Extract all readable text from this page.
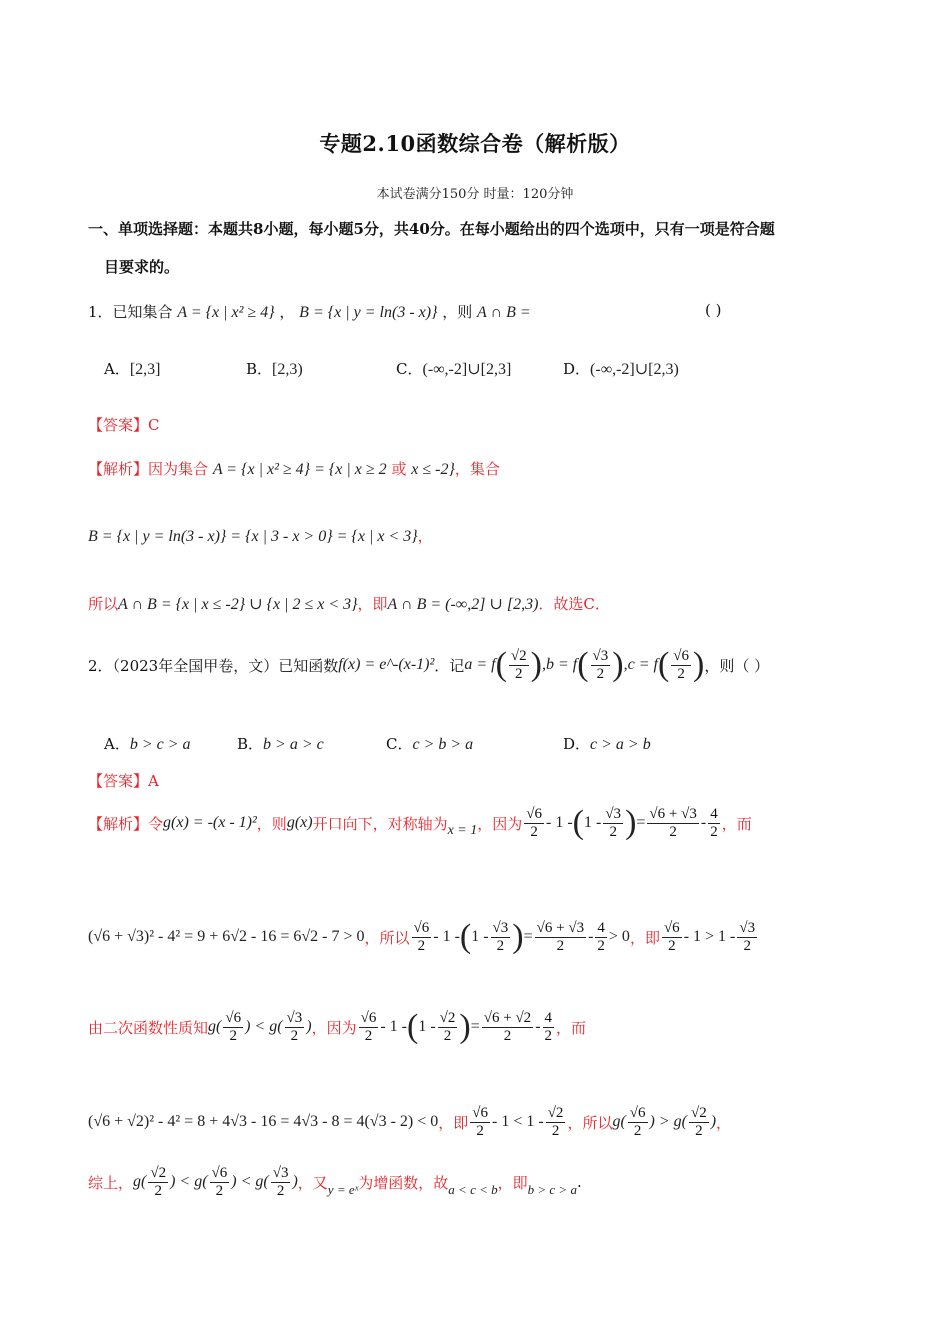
专题2.10函数综合卷（解析版）
本试卷满分150分 时量：120分钟
一、单项选择题：本题共8小题，每小题5分，共40分。在每小题给出的四个选项中，只有一项是符合题
目要求的。
1．已知集合 A = {x | x² ≥ 4} ， B = {x | y = ln(3 - x)} ，则 A ∩ B =	( )
A．[2,3]	B．[2,3)	C．(-∞,-2]∪[2,3]	D．(-∞,-2]∪[2,3)
【答案】C
【解析】因为集合 A = {x | x² ≥ 4} = {x | x ≥ 2 或 x ≤ -2}，集合
B = {x | y = ln(3 - x)} = {x | 3 - x > 0} = {x | x < 3}，
所以A ∩ B = {x | x ≤ -2} ∪ {x | 2 ≤ x < 3}，即A ∩ B = (-∞,2] ∪ [2,3)．故选C．
2．（2023年全国甲卷，文）已知函数 f(x) = e^-(x-1)² ．记 a = f ( $\frac{√2}{2}$ ) ,b = f ( $\frac{√3}{2}$ ) ,c = f ( $\frac{√6}{2}$ ) ，则（ ）
A．b > c > a	B．b > a > c	C．c > b > a	D．c > a > b
【答案】A
【解析】 令 g(x) = -(x - 1)² ，则 g(x) 开口向下，对称轴为 x = 1 ，因为 $\frac{√6}{2} - 1$ - ( $1 - \frac{√3}{2}$ ) = $\frac{√6 + √3}{2} - \frac{4}{2}$ ，而
(√6 + √3)² - 4² = 9 + 6√2 - 16 = 6√2 - 7 > 0 ，所以 $\frac{√6}{2} - 1$ - ( $1 - \frac{√3}{2}$ ) = $\frac{√6 + √3}{2} - \frac{4}{2} > 0$ ，即 $\frac{√6}{2} - 1 > 1 - \frac{√3}{2}$
由二次函数性质知 $g( \frac{√6}{2}$ ) < $g( \frac{√3}{2}$ ) ，因为 $\frac{√6}{2} - 1$ - ( $1 - \frac{√2}{2}$ ) = $\frac{√6 + √2}{2} - \frac{4}{2}$ ，而
(√6 + √2)² - 4² = 8 + 4√3 - 16 = 4√3 - 8 = 4(√3 - 2) < 0 ，即 $\frac{√6}{2} - 1 < 1 - \frac{√2}{2}$ ，所以 $g( \frac{√6}{2}$ ) > $g( \frac{√2}{2}$ ) ，
综上， $g( \frac{√2}{2}$ ) < $g( \frac{√6}{2}$ ) < $g( \frac{√3}{2}$ ) ，又 y = eˣ 为增函数，故 a < c < b ，即 b > c > a .
